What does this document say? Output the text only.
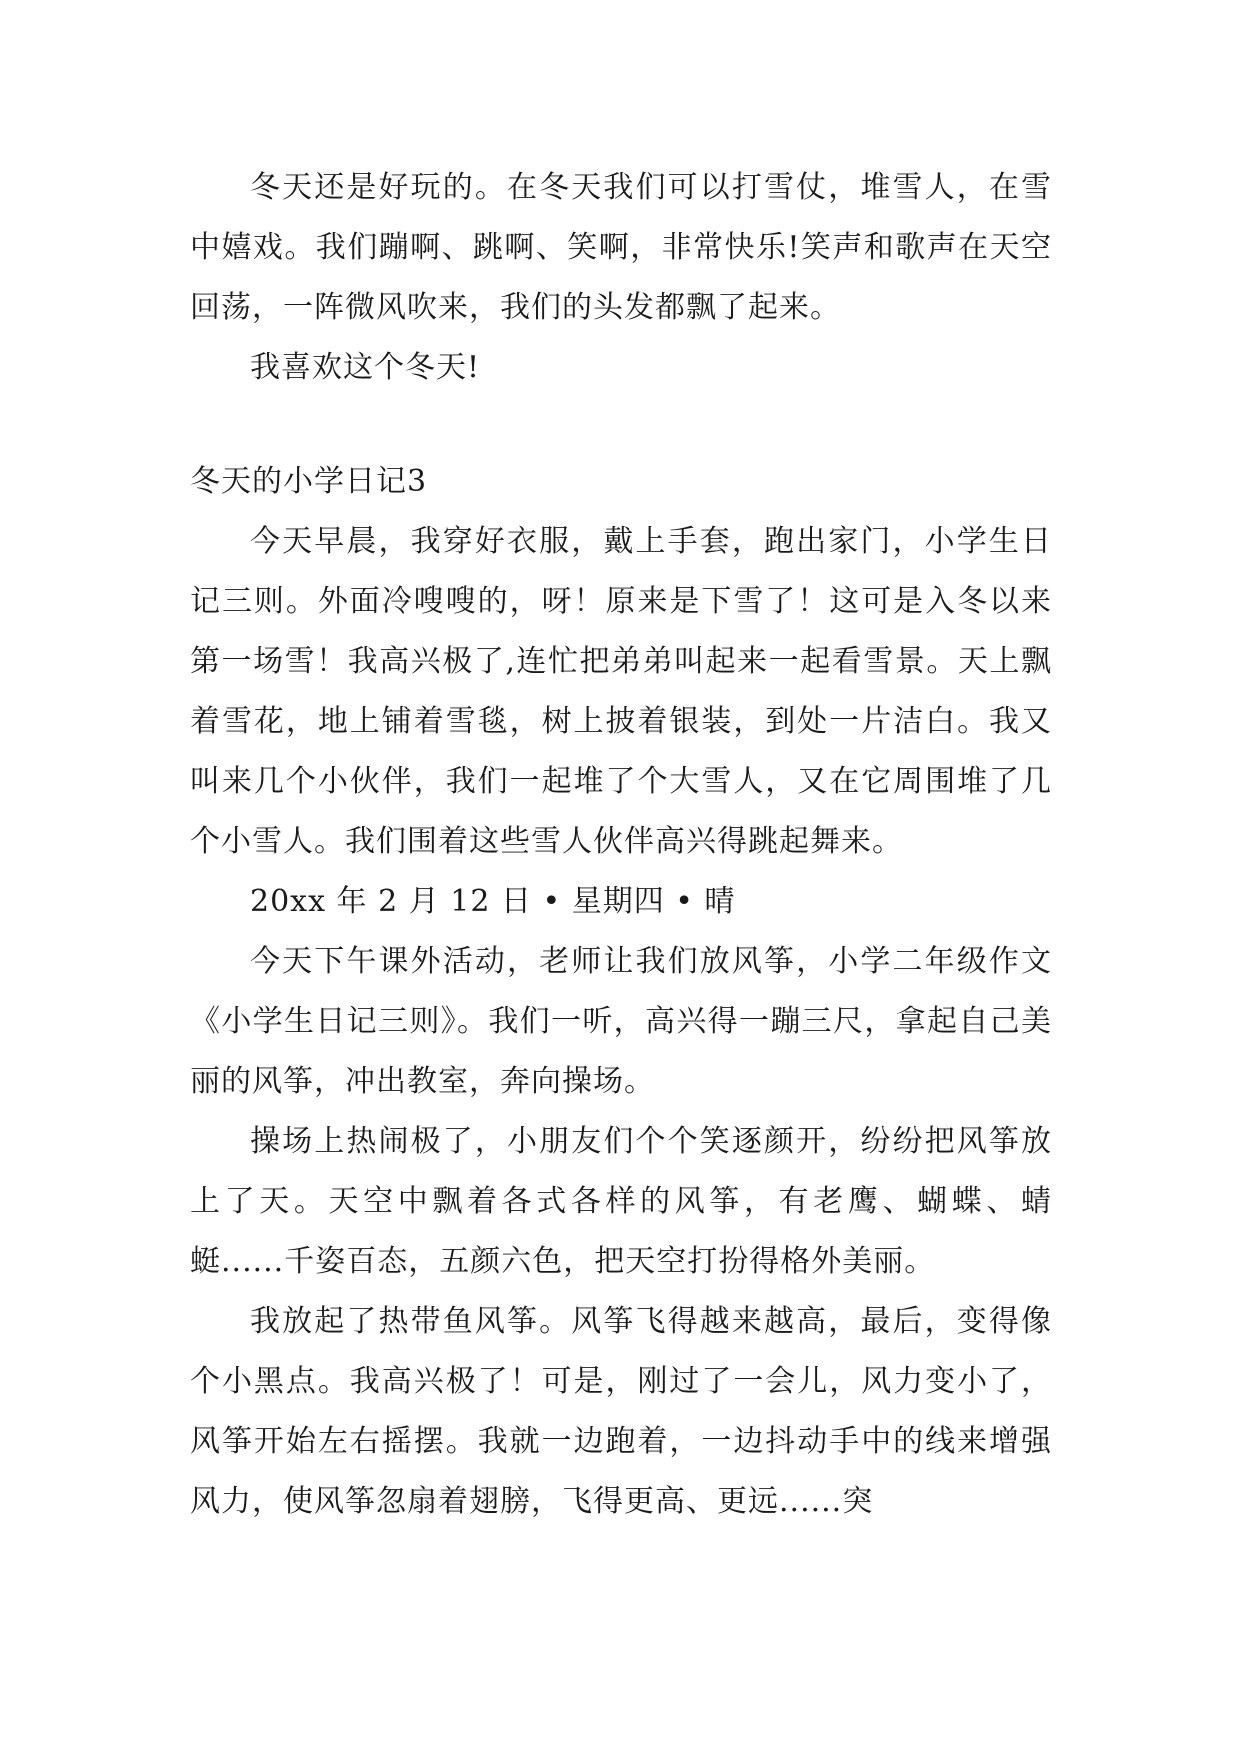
冬天还是好玩的。在冬天我们可以打雪仗，堆雪人，在雪中嬉戏。我们蹦啊、跳啊、笑啊，非常快乐!笑声和歌声在天空回荡，一阵微风吹来，我们的头发都飘了起来。

我喜欢这个冬天!

冬天的小学日记3

今天早晨，我穿好衣服，戴上手套，跑出家门，小学生日记三则。外面冷嗖嗖的，呀！原来是下雪了！这可是入冬以来第一场雪！我高兴极了,连忙把弟弟叫起来一起看雪景。天上飘着雪花，地上铺着雪毯，树上披着银装，到处一片洁白。我又叫来几个小伙伴，我们一起堆了个大雪人，又在它周围堆了几个小雪人。我们围着这些雪人伙伴高兴得跳起舞来。

20xx 年 2 月 12 日 • 星期四 • 晴

今天下午课外活动，老师让我们放风筝，小学二年级作文《小学生日记三则》。我们一听，高兴得一蹦三尺，拿起自己美丽的风筝，冲出教室，奔向操场。

操场上热闹极了，小朋友们个个笑逐颜开，纷纷把风筝放上了天。天空中飘着各式各样的风筝，有老鹰、蝴蝶、蜻蜓......千姿百态，五颜六色，把天空打扮得格外美丽。

我放起了热带鱼风筝。风筝飞得越来越高，最后，变得像个小黑点。我高兴极了！可是，刚过了一会儿，风力变小了，风筝开始左右摇摆。我就一边跑着，一边抖动手中的线来增强风力，使风筝忽扇着翅膀，飞得更高、更远......突
